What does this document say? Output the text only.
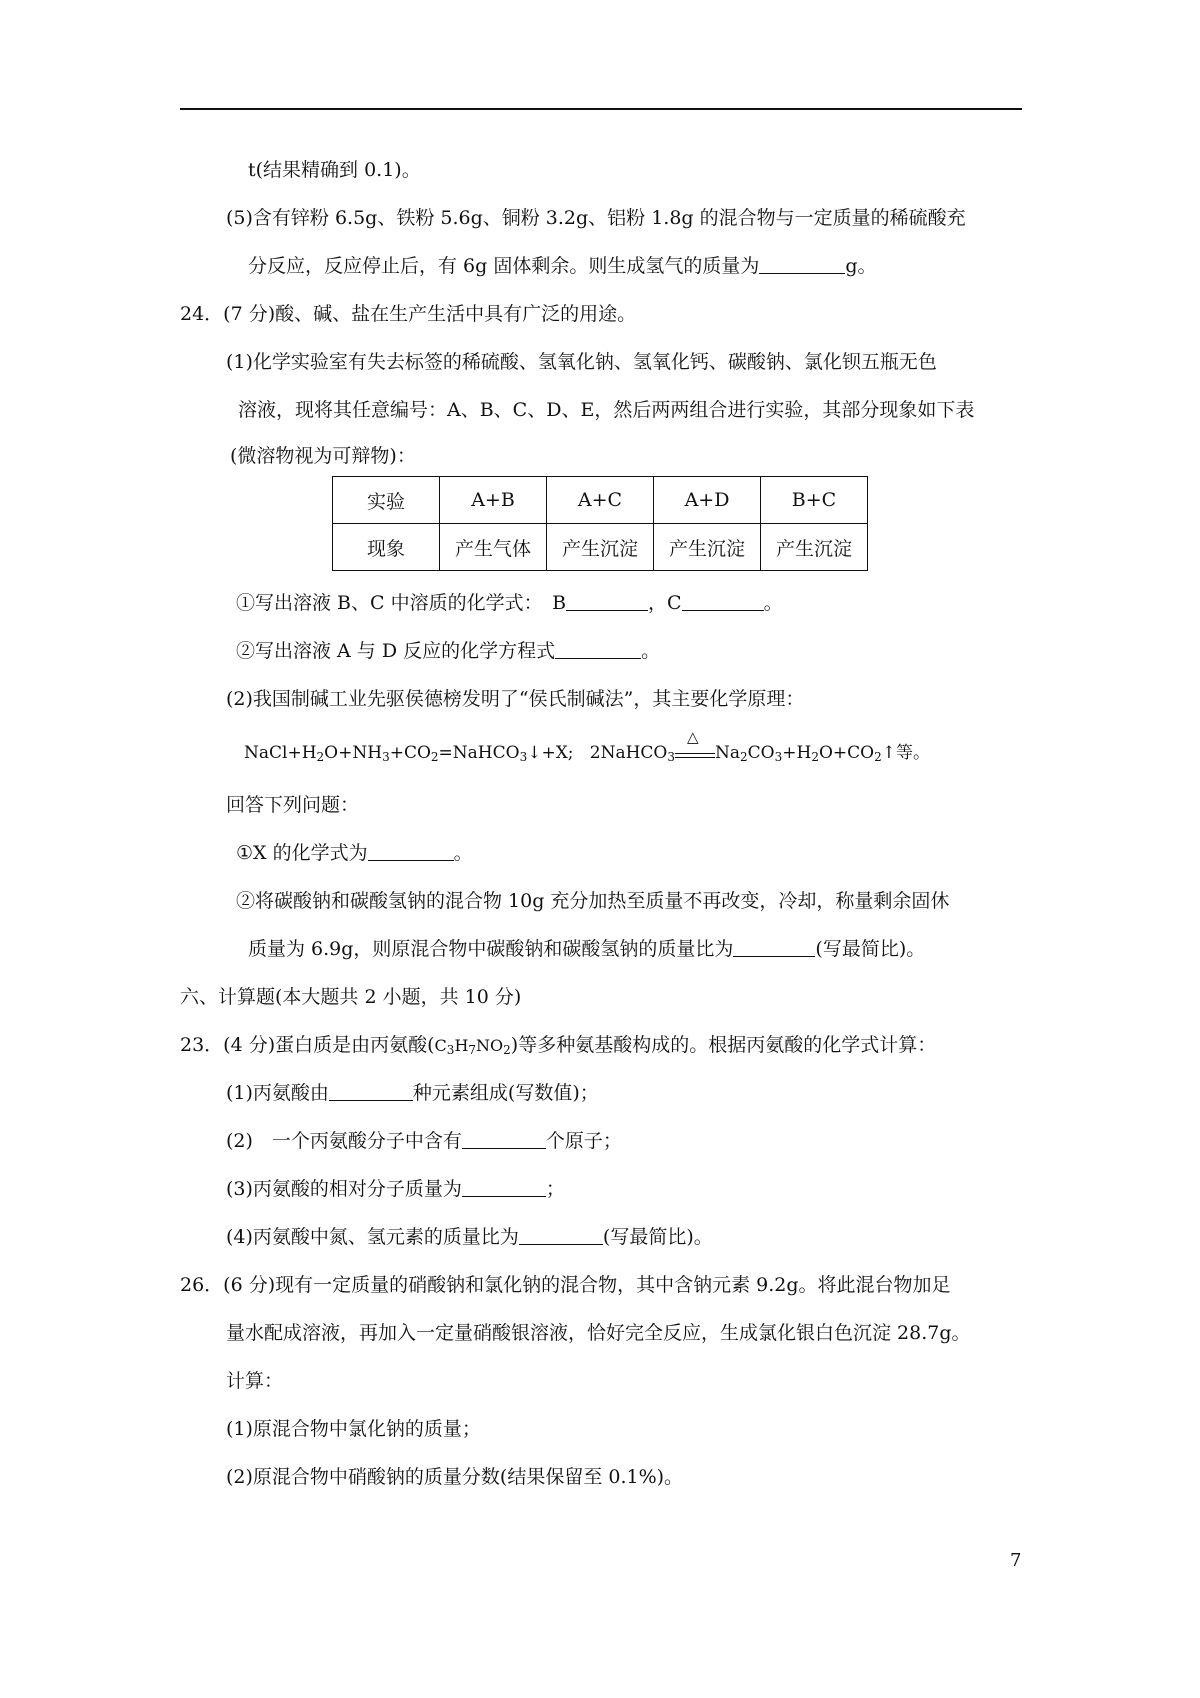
t(结果精确到 0.1)。
(5)含有锌粉 6.5g、铁粉 5.6g、铜粉 3.2g、铝粉 1.8g 的混合物与一定质量的稀硫酸充
分反应，反应停止后，有 6g 固体剩余。则生成氢气的质量为	g。
24．(7 分)酸、碱、盐在生产生活中具有广泛的用途。
(1)化学实验室有失去标签的稀硫酸、氢氧化钠、氢氧化钙、碳酸钠、氯化钡五瓶无色
溶液，现将其任意编号：A、B、C、D、E，然后两两组合进行实验，其部分现象如下表
(微溶物视为可辩物)：
实验	A+B	A+C	A+D	B+C
现象	产生气体	产生沉淀	产生沉淀	产生沉淀
①写出溶液 B、C 中溶质的化学式：　B	，C	。
②写出溶液 A 与 D 反应的化学方程式	。
(2)我国制碱工业先驱侯德榜发明了“侯氏制碱法”，其主要化学原理：
$NaCl+H_2O+NH_3+CO_2=NaHCO_3↓+X$;   2NaHCO$_3$
△
$Na_2CO_3+H_2O+CO_2↑$等。
回答下列问题：
①X 的化学式为	。
②将碳酸钠和碳酸氢钠的混合物 10g 充分加热至质量不再改变，冷却，称量剩余固休
质量为 6.9g，则原混合物中碳酸钠和碳酸氢钠的质量比为	(写最简比)。
六、计算题(本大题共 2 小题，共 10 分)
23．(4 分)蛋白质是由丙氨酸$(C_3H_7NO_2)$等多种氨基酸构成的。根据丙氨酸的化学式计算：
(1)丙氨酸由	种元素组成(写数值)；
(2)　一个丙氨酸分子中含有	个原子；
(3)丙氨酸的相对分子质量为	；
(4)丙氨酸中氮、氢元素的质量比为	(写最简比)。
26．(6 分)现有一定质量的硝酸钠和氯化钠的混合物，其中含钠元素 9.2g。将此混台物加足
量水配成溶液，再加入一定量硝酸银溶液，恰好完全反应，生成氯化银白色沉淀 28.7g。
计算：
(1)原混合物中氯化钠的质量；
(2)原混合物中硝酸钠的质量分数(结果保留至 0.1%)。
7
